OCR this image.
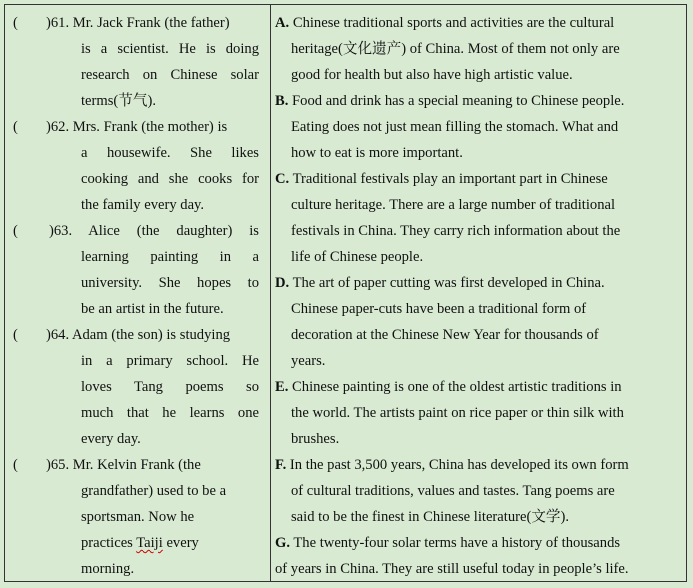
( )61. Mr. Jack Frank (the father)
is a scientist. He is doing
research on Chinese solar
terms(节气).
( )62. Mrs. Frank (the mother) is
a housewife. She likes
cooking and she cooks for
the family every day.
( )63. Alice (the daughter) is
learning painting in a
university. She hopes to
be an artist in the future.
( )64. Adam (the son) is studying
in a primary school. He
loves Tang poems so
much that he learns one
every day.
( )65. Mr. Kelvin Frank (the
grandfather) used to be a
sportsman. Now he
practices Taiji every
morning.
A. Chinese traditional sports and activities are the cultural
heritage(文化遗产) of China. Most of them not only are
good for health but also have high artistic value.
B. Food and drink has a special meaning to Chinese people.
Eating does not just mean filling the stomach. What and
how to eat is more important.
C. Traditional festivals play an important part in Chinese
culture heritage. There are a large number of traditional
festivals in China. They carry rich information about the
life of Chinese people.
D. The art of paper cutting was first developed in China.
Chinese paper-cuts have been a traditional form of
decoration at the Chinese New Year for thousands of
years.
E. Chinese painting is one of the oldest artistic traditions in
the world. The artists paint on rice paper or thin silk with
brushes.
F. In the past 3,500 years, China has developed its own form
of cultural traditions, values and tastes. Tang poems are
said to be the finest in Chinese literature(文学).
G. The twenty-four solar terms have a history of thousands
of years in China. They are still useful today in people’s life.
